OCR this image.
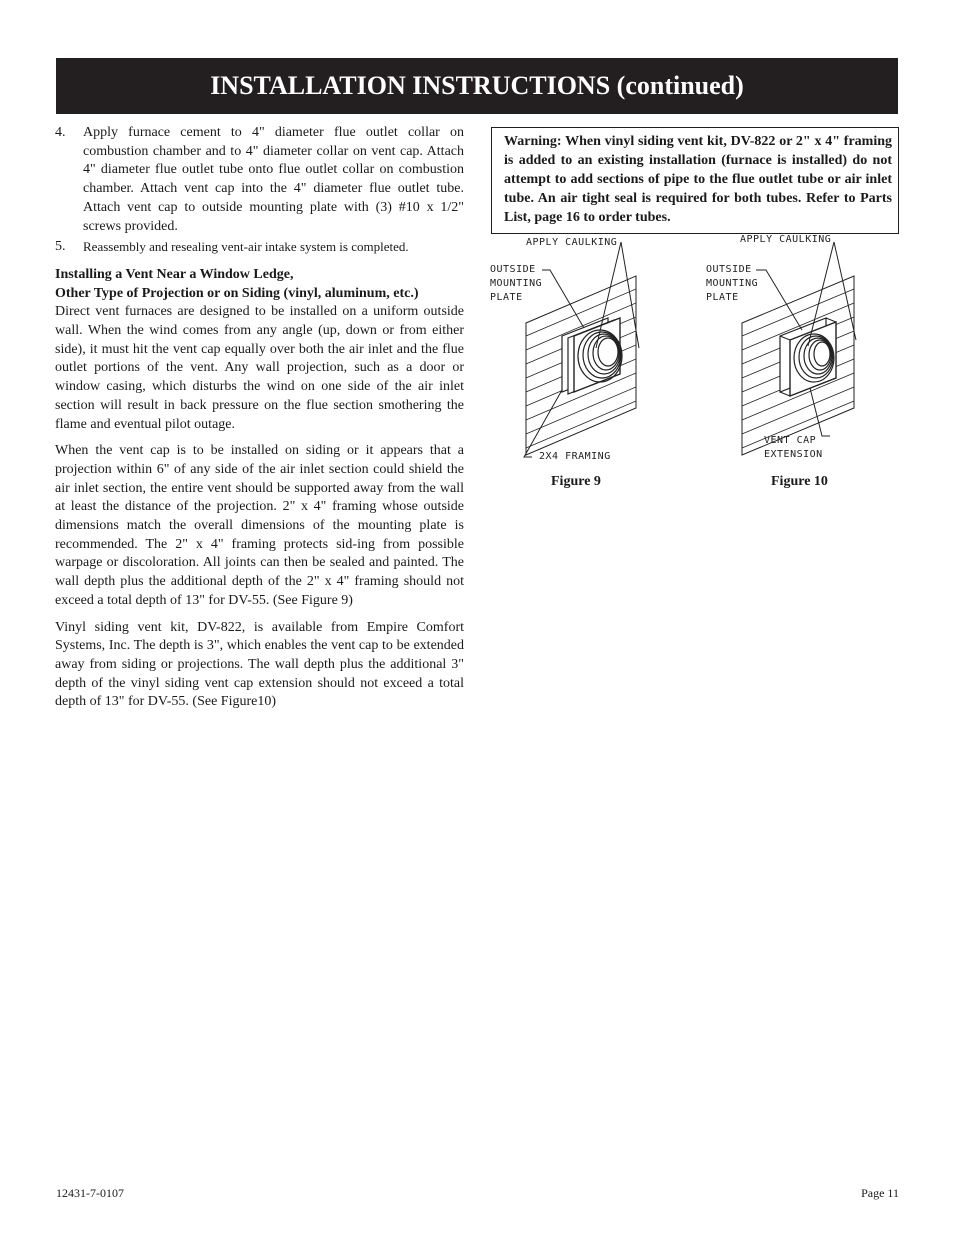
INSTALLATION INSTRUCTIONS (continued)
4.	Apply furnace cement to 4" diameter flue outlet collar on combustion chamber and to 4" diameter collar on vent cap. Attach 4" diameter flue outlet tube onto flue outlet collar on combustion chamber. Attach vent cap into the 4" diameter flue outlet tube. Attach vent cap to outside mounting plate with (3) #10 x 1/2" screws provided.
5.	Reassembly and resealing vent-air intake system is completed.
Installing a Vent Near a Window Ledge,
Other Type of Projection or on Siding (vinyl, aluminum, etc.)

Direct vent furnaces are designed to be installed on a uniform outside wall. When the wind comes from any angle (up, down or from either side), it must hit the vent cap equally over both the air inlet and the flue outlet portions of the vent. Any wall projection, such as a door or window casing, which disturbs the wind on one side of the air inlet section will result in back pressure on the flue section smothering the flame and eventual pilot outage.

When the vent cap is to be installed on siding or it appears that a projection within 6" of any side of the air inlet section could shield the air inlet section, the entire vent should be supported away from the wall at least the distance of the projection. 2" x 4" framing whose outside dimensions match the overall dimensions of the mounting plate is recommended. The 2" x 4" framing protects sid-ing from possible warpage or discoloration. All joints can then be sealed and painted. The wall depth plus the additional depth of the 2" x 4" framing should not exceed a total depth of 13" for DV-55. (See Figure 9)

Vinyl siding vent kit, DV-822, is available from Empire Comfort Systems, Inc. The depth is 3", which enables the vent cap to be extended away from siding or projections. The wall depth plus the additional 3" depth of the vinyl siding vent cap extension should not exceed a total depth of 13" for DV-55. (See Figure10)

Warning: When vinyl siding vent kit, DV-822 or 2" x 4" framing is added to an existing installation (furnace is installed) do not attempt to add sections of pipe to the flue outlet tube or air inlet tube. An air tight seal is required for both tubes. Refer to Parts List, page 16 to order tubes.
APPLY CAULKING
OUTSIDE
MOUNTING
PLATE
2X4 FRAMING
APPLY CAULKING
OUTSIDE
MOUNTING
PLATE
VENT CAP
EXTENSION
Figure 9	Figure 10
12431-7-0107	Page 11
